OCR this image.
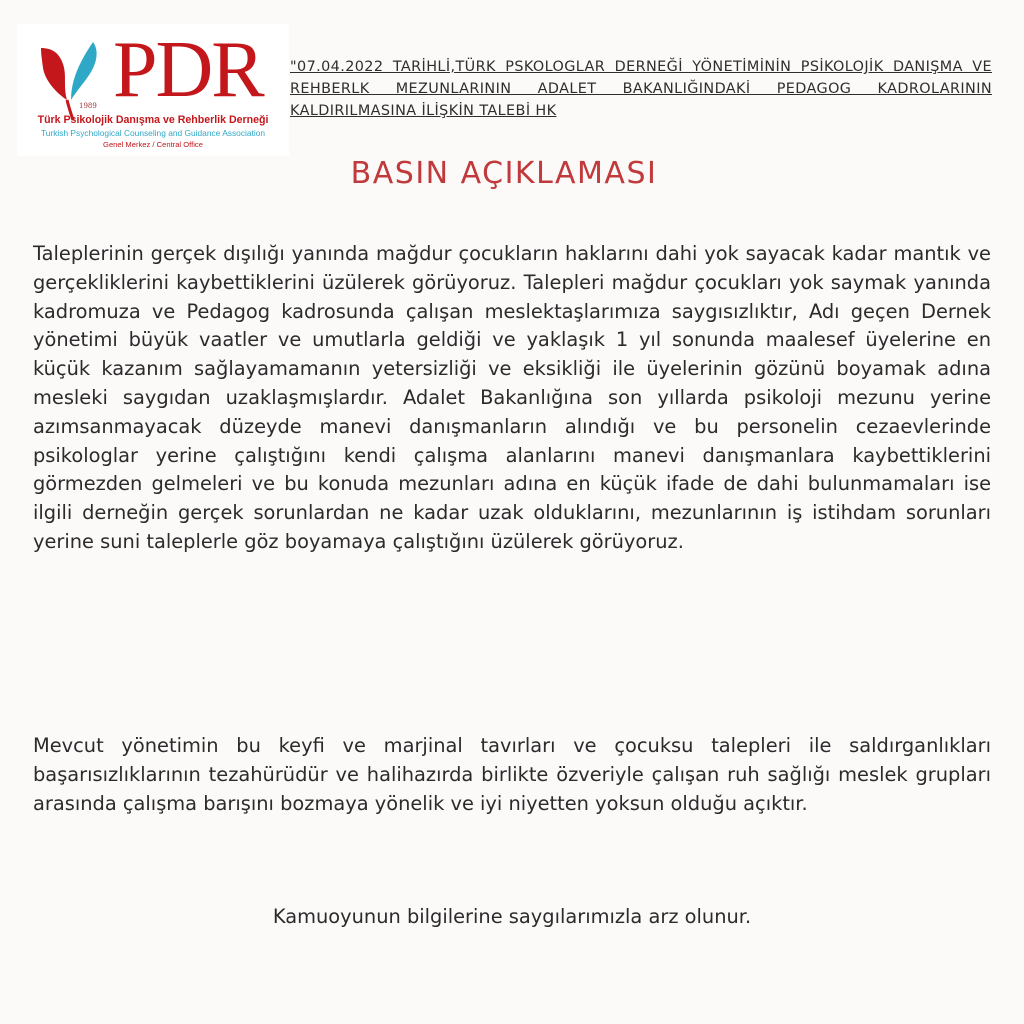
1989 PDR
Türk Psikolojik Danışma ve Rehberlik Derneği
Turkish Psychological Counseling and Guidance Association
Genel Merkez / Central Office
"07.04.2022 TARİHLİ,TÜRK PSKOLOGLAR DERNEĞİ YÖNETİMİNİN PSİKOLOJİK DANIŞMA VE REHBERLK MEZUNLARININ ADALET BAKANLIĞINDAKİ PEDAGOG KADROLARININ KALDIRILMASINA İLİŞKİN TALEBİ HK
BASIN AÇIKLAMASI

Taleplerinin gerçek dışılığı yanında mağdur çocukların haklarını dahi yok sayacak kadar mantık ve gerçekliklerini kaybettiklerini üzülerek görüyoruz. Talepleri mağdur çocukları yok saymak yanında kadromuza ve Pedagog kadrosunda çalışan meslektaşlarımıza saygısızlıktır, Adı geçen Dernek yönetimi büyük vaatler ve umutlarla geldiği ve yaklaşık 1 yıl sonunda maalesef üyelerine en küçük kazanım sağlayamamanın yetersizliği ve eksikliği ile üyelerinin gözünü boyamak adına mesleki saygıdan uzaklaşmışlardır. Adalet Bakanlığına son yıllarda psikoloji mezunu yerine azımsanmayacak düzeyde manevi danışmanların alındığı ve bu personelin cezaevlerinde psikologlar yerine çalıştığını kendi çalışma alanlarını manevi danışmanlara kaybettiklerini görmezden gelmeleri ve bu konuda mezunları adına en küçük ifade de dahi bulunmamaları ise ilgili derneğin gerçek sorunlardan ne kadar uzak olduklarını, mezunlarının iş istihdam sorunları yerine suni taleplerle göz boyamaya çalıştığını üzülerek görüyoruz.

Mevcut yönetimin bu keyfi ve marjinal tavırları ve çocuksu talepleri ile saldırganlıkları başarısızlıklarının tezahürüdür ve halihazırda birlikte özveriyle çalışan ruh sağlığı meslek grupları arasında çalışma barışını bozmaya yönelik ve iyi niyetten yoksun olduğu açıktır.

Kamuoyunun bilgilerine saygılarımızla arz olunur.
